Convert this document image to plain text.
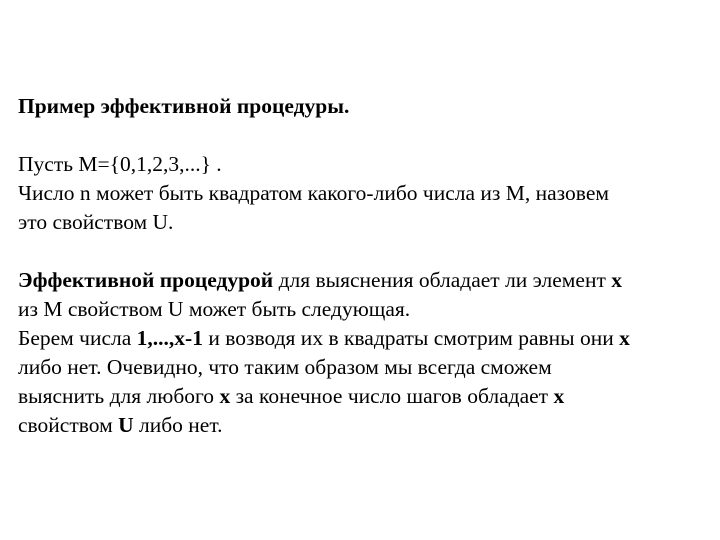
Пример эффективной процедуры.
Пусть М={0,1,2,3,...} .
Число n может быть квадратом какого-либо числа из М, назовем
это свойством U.
Эффективной процедурой для выяснения обладает ли элемент x
из М свойством U может быть следующая.
Берем числа 1,...,x-1 и возводя их в квадраты смотрим равны они x
либо нет. Очевидно, что таким образом мы всегда сможем
выяснить для любого x за конечное число шагов обладает x
свойством U либо нет.
